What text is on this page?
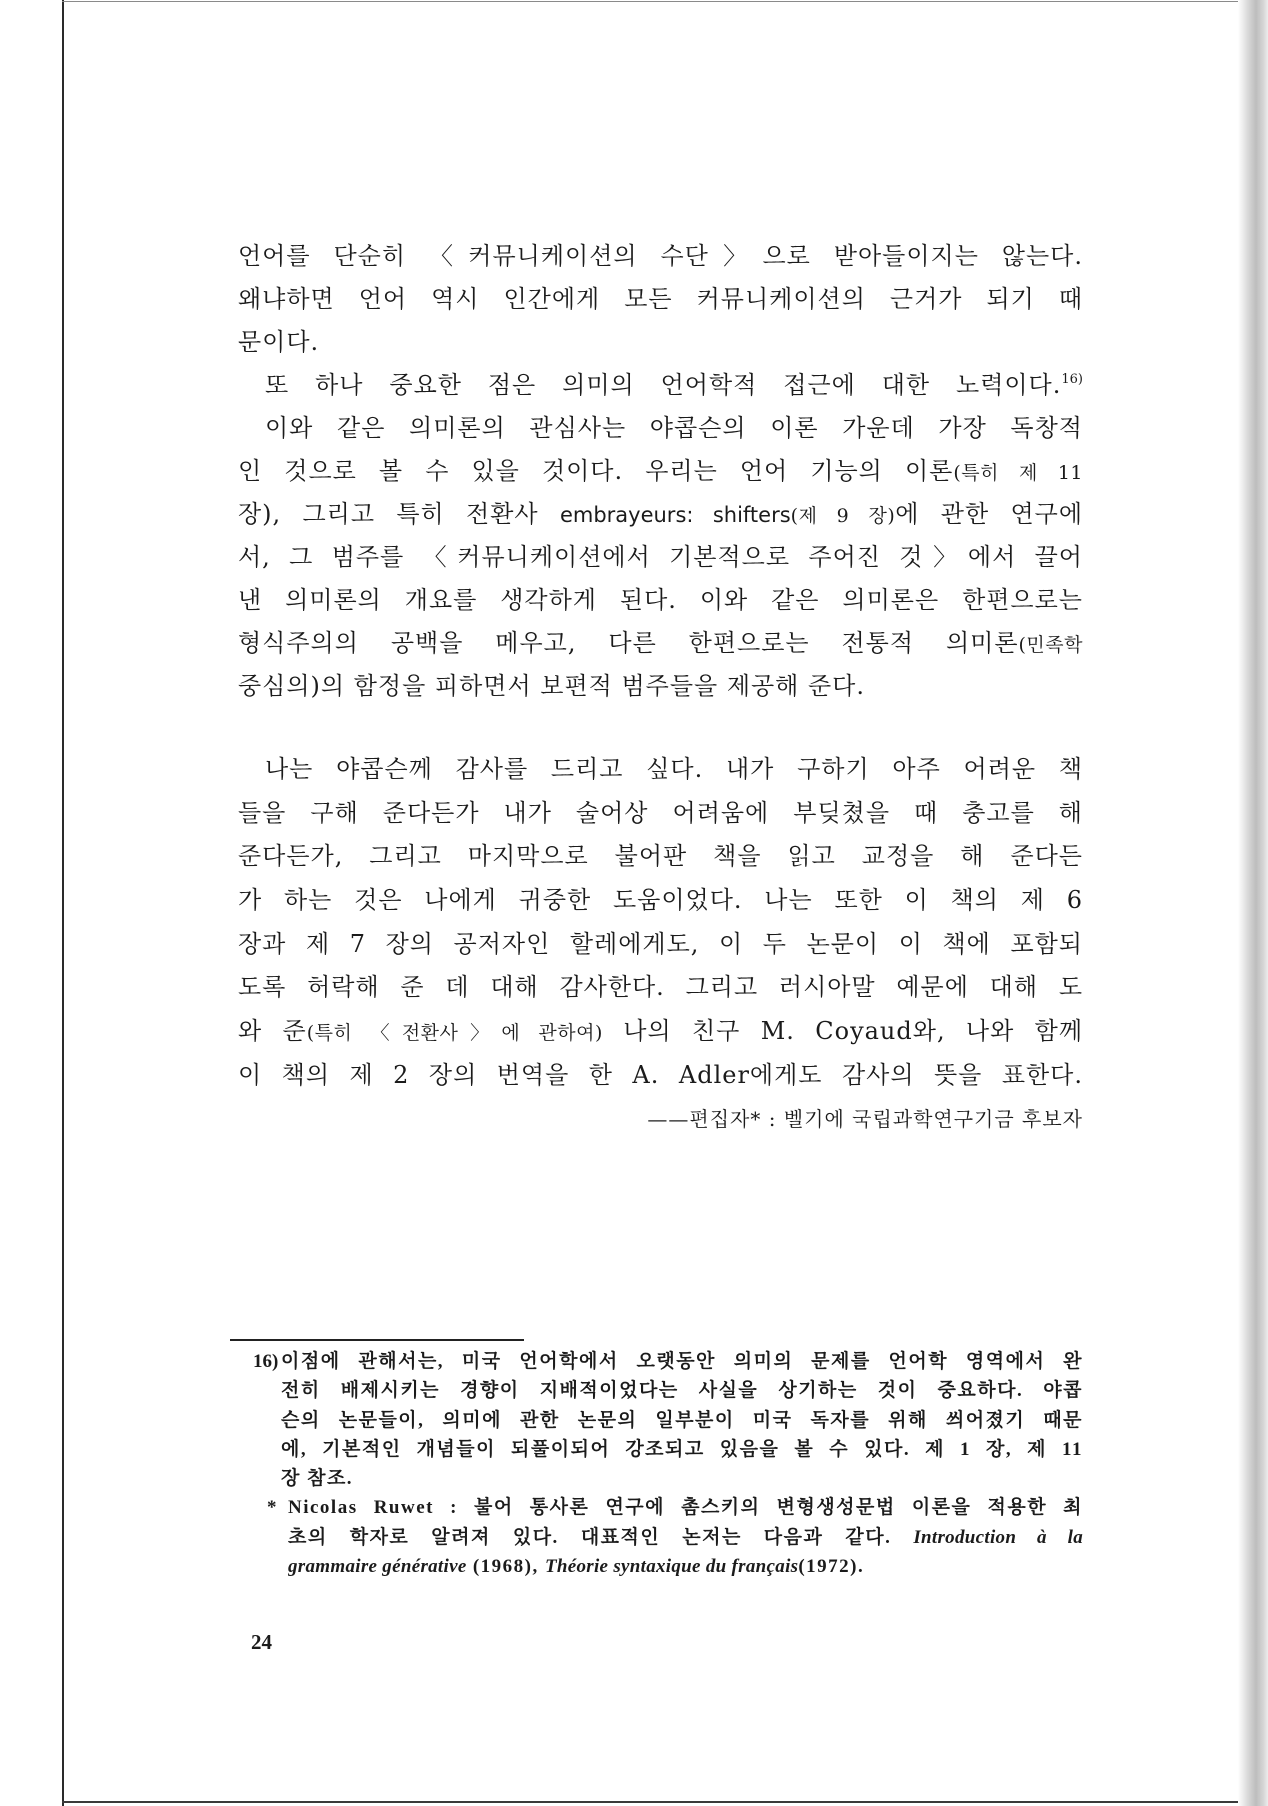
언어를 단순히 〈커뮤니케이션의 수단〉으로 받아들이지는 않는다.
왜냐하면 언어 역시 인간에게 모든 커뮤니케이션의 근거가 되기 때
문이다.
또 하나 중요한 점은 의미의 언어학적 접근에 대한 노력이다.$^{16)}$
이와 같은 의미론의 관심사는 야콥슨의 이론 가운데 가장 독창적
인 것으로 볼 수 있을 것이다. 우리는 언어 기능의 이론(특히 제 11
장), 그리고 특히 전환사 embrayeurs: shifters(제 9 장)에 관한 연구에
서, 그 범주를 〈커뮤니케이션에서 기본적으로 주어진 것〉에서 끌어
낸 의미론의 개요를 생각하게 된다. 이와 같은 의미론은 한편으로는
형식주의의 공백을 메우고, 다른 한편으로는 전통적 의미론(민족학
중심의)의 함정을 피하면서 보편적 범주들을 제공해 준다.
나는 야콥슨께 감사를 드리고 싶다. 내가 구하기 아주 어려운 책
들을 구해 준다든가 내가 술어상 어려움에 부딪쳤을 때 충고를 해
준다든가, 그리고 마지막으로 불어판 책을 읽고 교정을 해 준다든
가 하는 것은 나에게 귀중한 도움이었다. 나는 또한 이 책의 제 6
장과 제 7 장의 공저자인 할레에게도, 이 두 논문이 이 책에 포함되
도록 허락해 준 데 대해 감사한다. 그리고 러시아말 예문에 대해 도
와 준(특히 〈전환사〉에 관하여) 나의 친구 M. Coyaud와, 나와 함께
이 책의 제 2 장의 번역을 한 A. Adler에게도 감사의 뜻을 표한다.
——편집자* : 벨기에 국립과학연구기금 후보자
16) 이점에 관해서는, 미국 언어학에서 오랫동안 의미의 문제를 언어학 영역에서 완
전히 배제시키는 경향이 지배적이었다는 사실을 상기하는 것이 중요하다. 야콥
슨의 논문들이, 의미에 관한 논문의 일부분이 미국 독자를 위해 씌어졌기 때문
에, 기본적인 개념들이 되풀이되어 강조되고 있음을 볼 수 있다. 제 1 장, 제 11
장 참조.
* Nicolas Ruwet : 불어 통사론 연구에 촘스키의 변형생성문법 이론을 적용한 최
초의 학자로 알려져 있다. 대표적인 논저는 다음과 같다. Introduction à la
grammaire générative (1968), Théorie syntaxique du français(1972).
24
